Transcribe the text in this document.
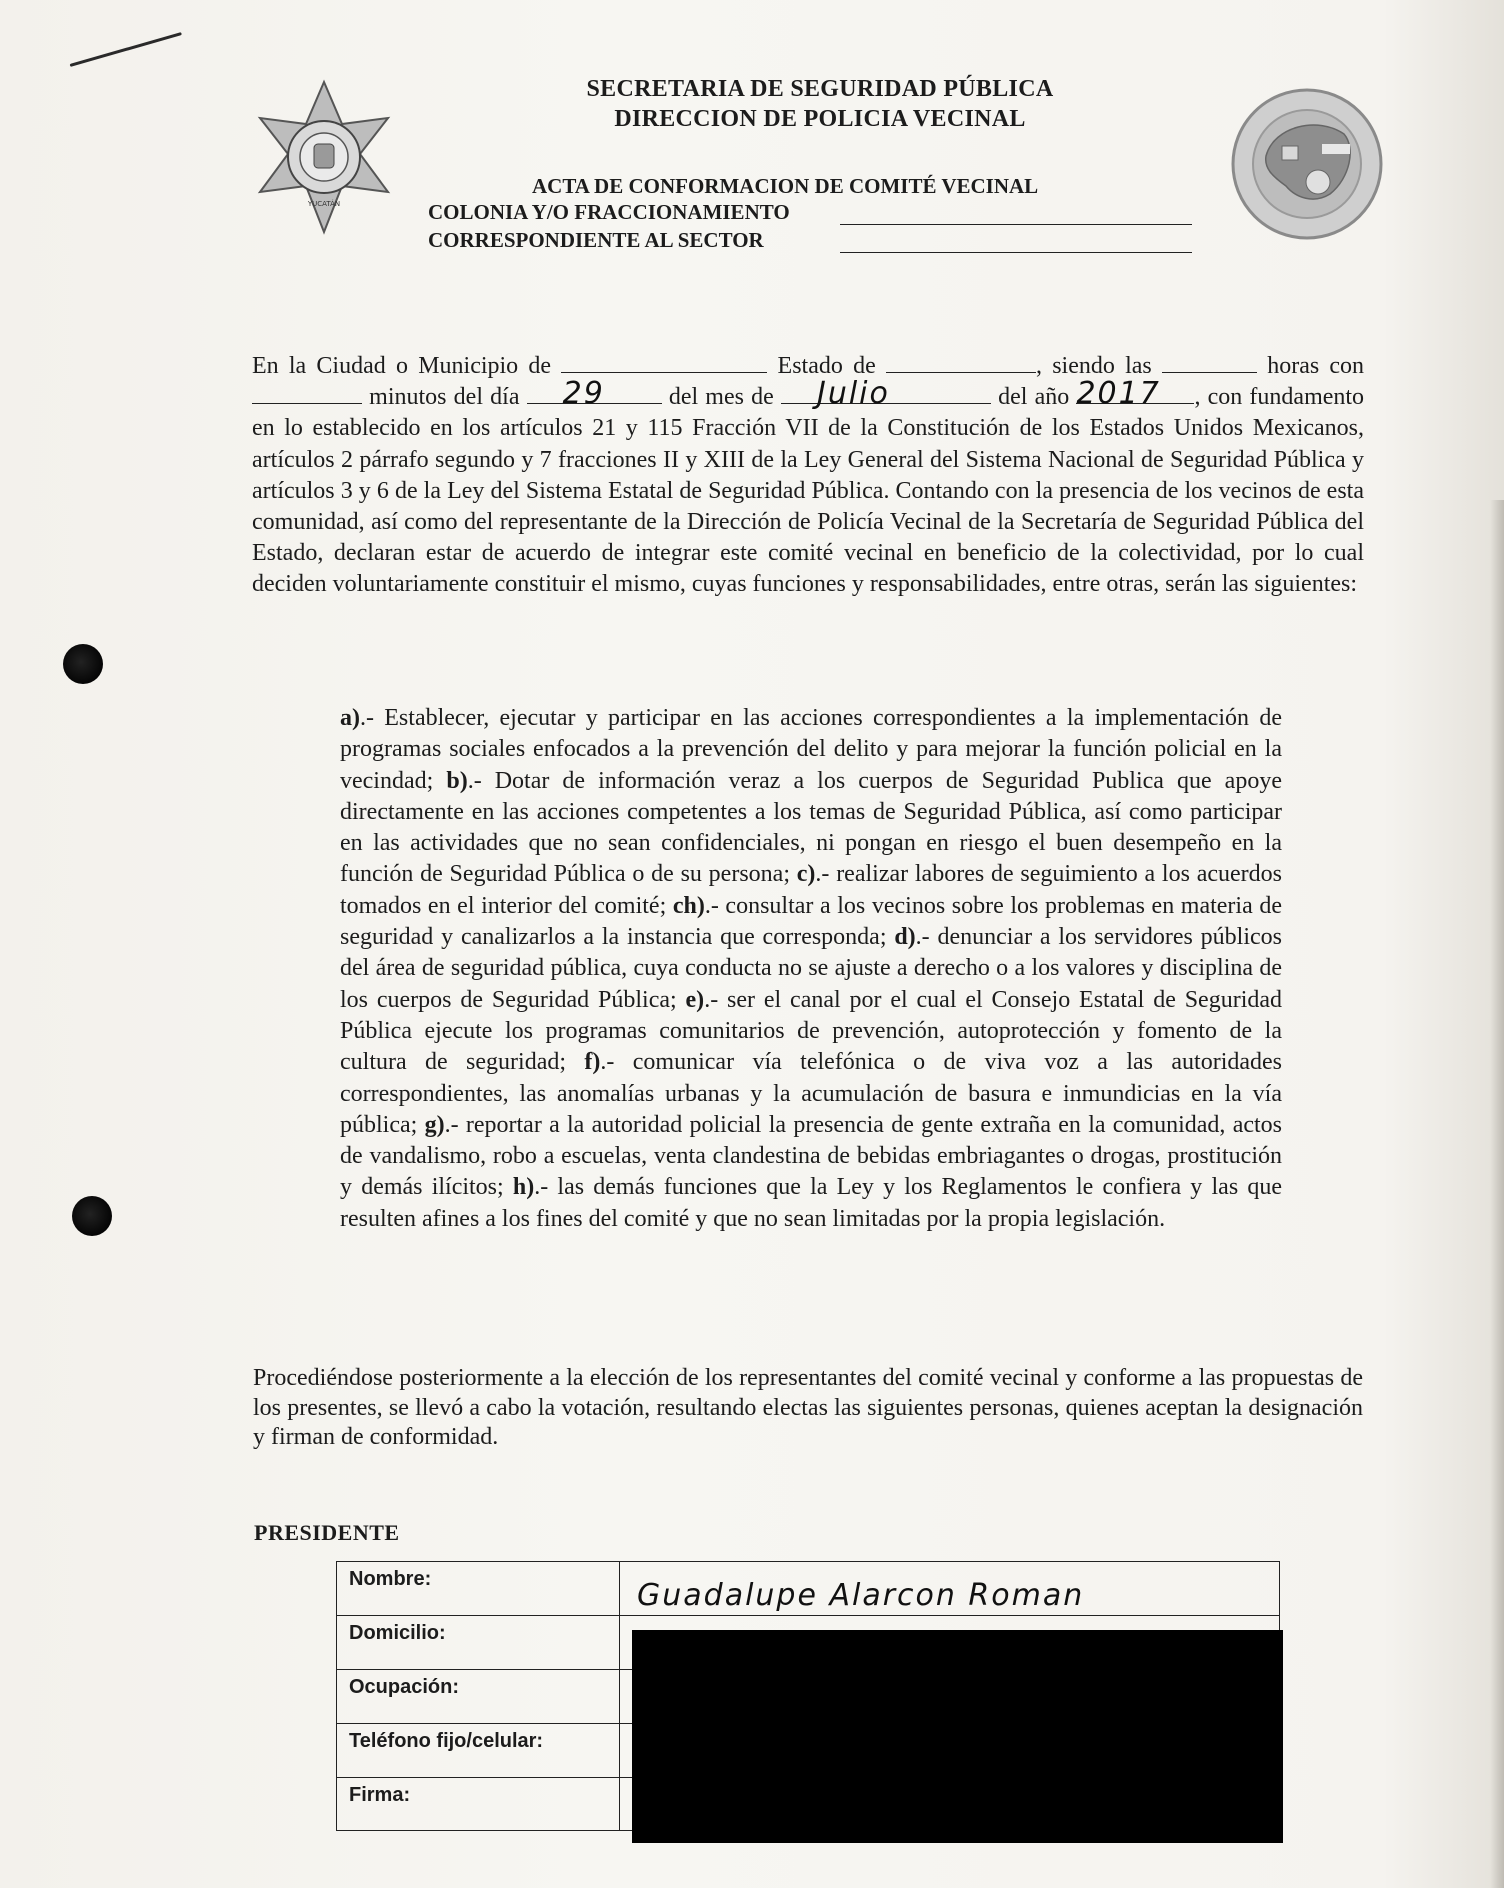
YUCATÁN
SECRETARIA DE SEGURIDAD PÚBLICA
DIRECCION DE POLICIA VECINAL
ACTA DE CONFORMACION DE COMITÉ VECINAL
COLONIA Y/O FRACCIONAMIENTO
CORRESPONDIENTE AL SECTOR
En la Ciudad o Municipio de	Estado de	, siendo las	horas con  minutos del día 29	del mes de Julio	del año 2017 , con fundamento en lo establecido en los artículos 21 y 115 Fracción VII de la Constitución de los Estados Unidos Mexicanos, artículos 2 párrafo segundo y 7 fracciones II y XIII de la Ley General del Sistema Nacional de Seguridad Pública y artículos 3 y 6 de la Ley del Sistema Estatal de Seguridad Pública. Contando con la presencia de los vecinos de esta comunidad, así como del representante de la Dirección de Policía Vecinal de la Secretaría de Seguridad Pública del Estado, declaran estar de acuerdo de integrar este comité vecinal en beneficio de la colectividad, por lo cual deciden voluntariamente constituir el mismo, cuyas funciones y responsabilidades, entre otras, serán las siguientes:
a).- Establecer, ejecutar y participar en las acciones correspondientes a la implementación de programas sociales enfocados a la prevención del delito y para mejorar la función policial en la vecindad; b).- Dotar de información veraz a los cuerpos de Seguridad Publica que apoye directamente en las acciones competentes a los temas de Seguridad Pública, así como participar en las actividades que no sean confidenciales, ni pongan en riesgo el buen desempeño en la función de Seguridad Pública o de su persona; c).- realizar labores de seguimiento a los acuerdos tomados en el interior del comité; ch).- consultar a los vecinos sobre los problemas en materia de seguridad y canalizarlos a la instancia que corresponda; d).- denunciar a los servidores públicos del área de seguridad pública, cuya conducta no se ajuste a derecho o a los valores y disciplina de los cuerpos de Seguridad Pública; e).- ser el canal por el cual el Consejo Estatal de Seguridad Pública ejecute los programas comunitarios de prevención, autoprotección y fomento de la cultura de seguridad; f).- comunicar vía telefónica o de viva voz a las autoridades correspondientes, las anomalías urbanas y la acumulación de basura e inmundicias en la vía pública; g).- reportar a la autoridad policial la presencia de gente extraña en la comunidad, actos de vandalismo, robo a escuelas, venta clandestina de bebidas embriagantes o drogas, prostitución y demás ilícitos; h).- las demás funciones que la Ley y los Reglamentos le confiera y las que resulten afines a los fines del comité y que no sean limitadas por la propia legislación.
Procediéndose posteriormente a la elección de los representantes del comité vecinal y conforme a las propuestas de los presentes, se llevó a cabo la votación, resultando electas las siguientes personas, quienes aceptan la designación y firman de conformidad.
PRESIDENTE
Nombre:	Guadalupe Alarcon Roman
Domicilio:
Ocupación:
Teléfono fijo/celular:
Firma:
